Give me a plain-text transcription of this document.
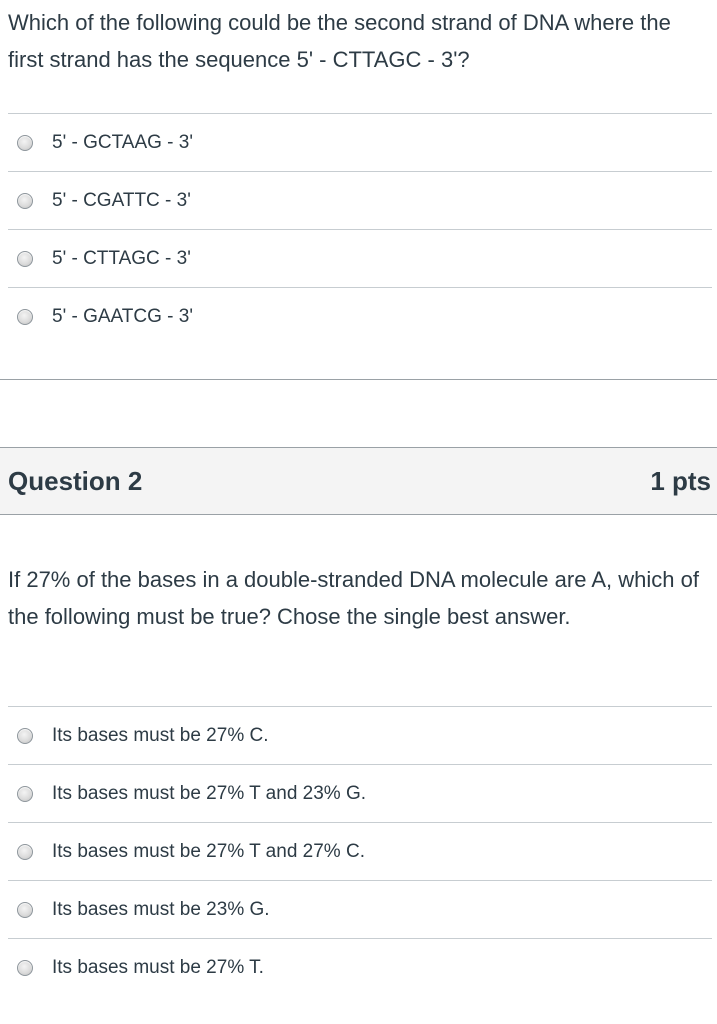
Which of the following could be the second strand of DNA where the first strand has the sequence 5' - CTTAGC - 3'?
5' - GCTAAG - 3'
5' - CGATTC - 3'
5' - CTTAGC - 3'
5' - GAATCG - 3'
Question 2	1 pts
If 27% of the bases in a double-stranded DNA molecule are A, which of the following must be true? Chose the single best answer.
Its bases must be 27% C.
Its bases must be 27% T and 23% G.
Its bases must be 27% T and 27% C.
Its bases must be 23% G.
Its bases must be 27% T.
